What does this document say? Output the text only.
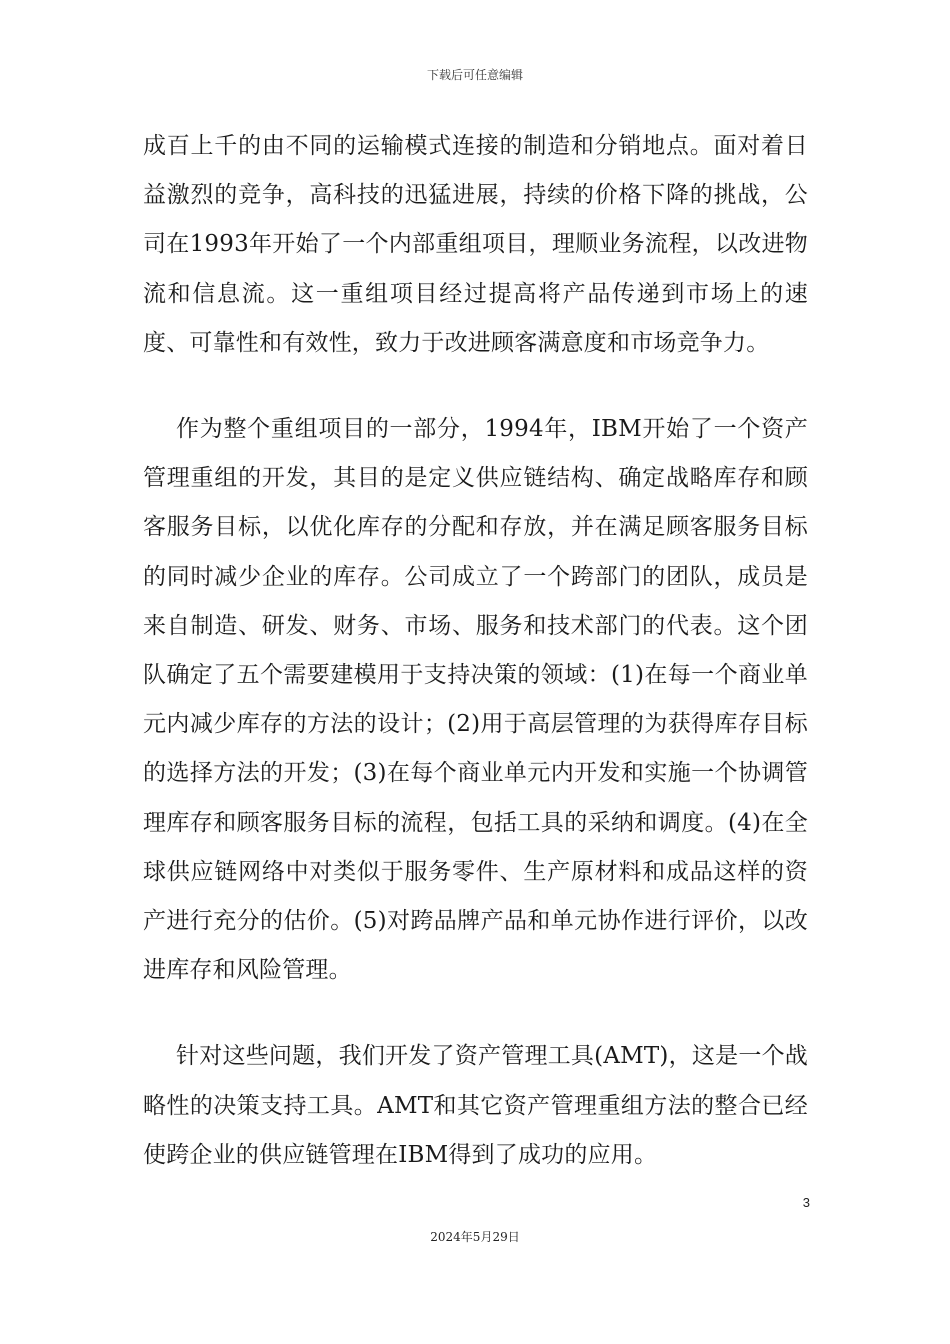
下载后可任意编辑

成百上千的由不同的运输模式连接的制造和分销地点。面对着日益激烈的竞争，高科技的迅猛进展，持续的价格下降的挑战，公司在1993年开始了一个内部重组项目，理顺业务流程，以改进物流和信息流。这一重组项目经过提高将产品传递到市场上的速度、可靠性和有效性，致力于改进顾客满意度和市场竞争力。

作为整个重组项目的一部分，1994年，IBM开始了一个资产管理重组的开发，其目的是定义供应链结构、确定战略库存和顾客服务目标，以优化库存的分配和存放，并在满足顾客服务目标的同时减少企业的库存。公司成立了一个跨部门的团队，成员是来自制造、研发、财务、市场、服务和技术部门的代表。这个团队确定了五个需要建模用于支持决策的领域：(1)在每一个商业单元内减少库存的方法的设计；(2)用于高层管理的为获得库存目标的选择方法的开发；(3)在每个商业单元内开发和实施一个协调管理库存和顾客服务目标的流程，包括工具的采纳和调度。(4)在全球供应链网络中对类似于服务零件、生产原材料和成品这样的资产进行充分的估价。(5)对跨品牌产品和单元协作进行评价，以改进库存和风险管理。

针对这些问题，我们开发了资产管理工具(AMT)，这是一个战略性的决策支持工具。AMT和其它资产管理重组方法的整合已经使跨企业的供应链管理在IBM得到了成功的应用。

3
2024年5月29日
